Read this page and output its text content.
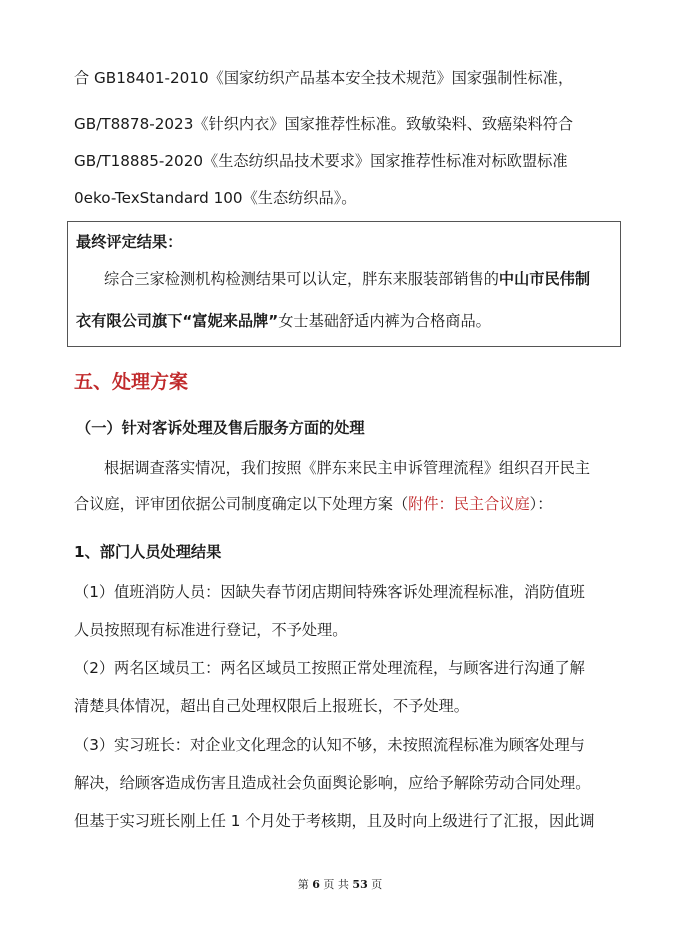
合 GB18401-2010《国家纺织产品基本安全技术规范》国家强制性标准，
GB/T8878-2023《针织内衣》国家推荐性标准。致敏染料、致癌染料符合
GB/T18885-2020《生态纺织品技术要求》国家推荐性标准对标欧盟标准
0eko-TexStandard 100《生态纺织品》。
最终评定结果：
综合三家检测机构检测结果可以认定，胖东来服装部销售的中山市民伟制
衣有限公司旗下“富妮来品牌”女士基础舒适内裤为合格商品。
五、处理方案
（一）针对客诉处理及售后服务方面的处理
根据调查落实情况，我们按照《胖东来民主申诉管理流程》组织召开民主
合议庭，评审团依据公司制度确定以下处理方案（附件：民主合议庭）：
1、部门人员处理结果
（1）值班消防人员：因缺失春节闭店期间特殊客诉处理流程标准，消防值班
人员按照现有标准进行登记，不予处理。
（2）两名区域员工：两名区域员工按照正常处理流程，与顾客进行沟通了解
清楚具体情况，超出自己处理权限后上报班长，不予处理。
（3）实习班长：对企业文化理念的认知不够，未按照流程标准为顾客处理与
解决，给顾客造成伤害且造成社会负面舆论影响，应给予解除劳动合同处理。
但基于实习班长刚上任 1 个月处于考核期，且及时向上级进行了汇报，因此调
第 6 页 共 53 页
